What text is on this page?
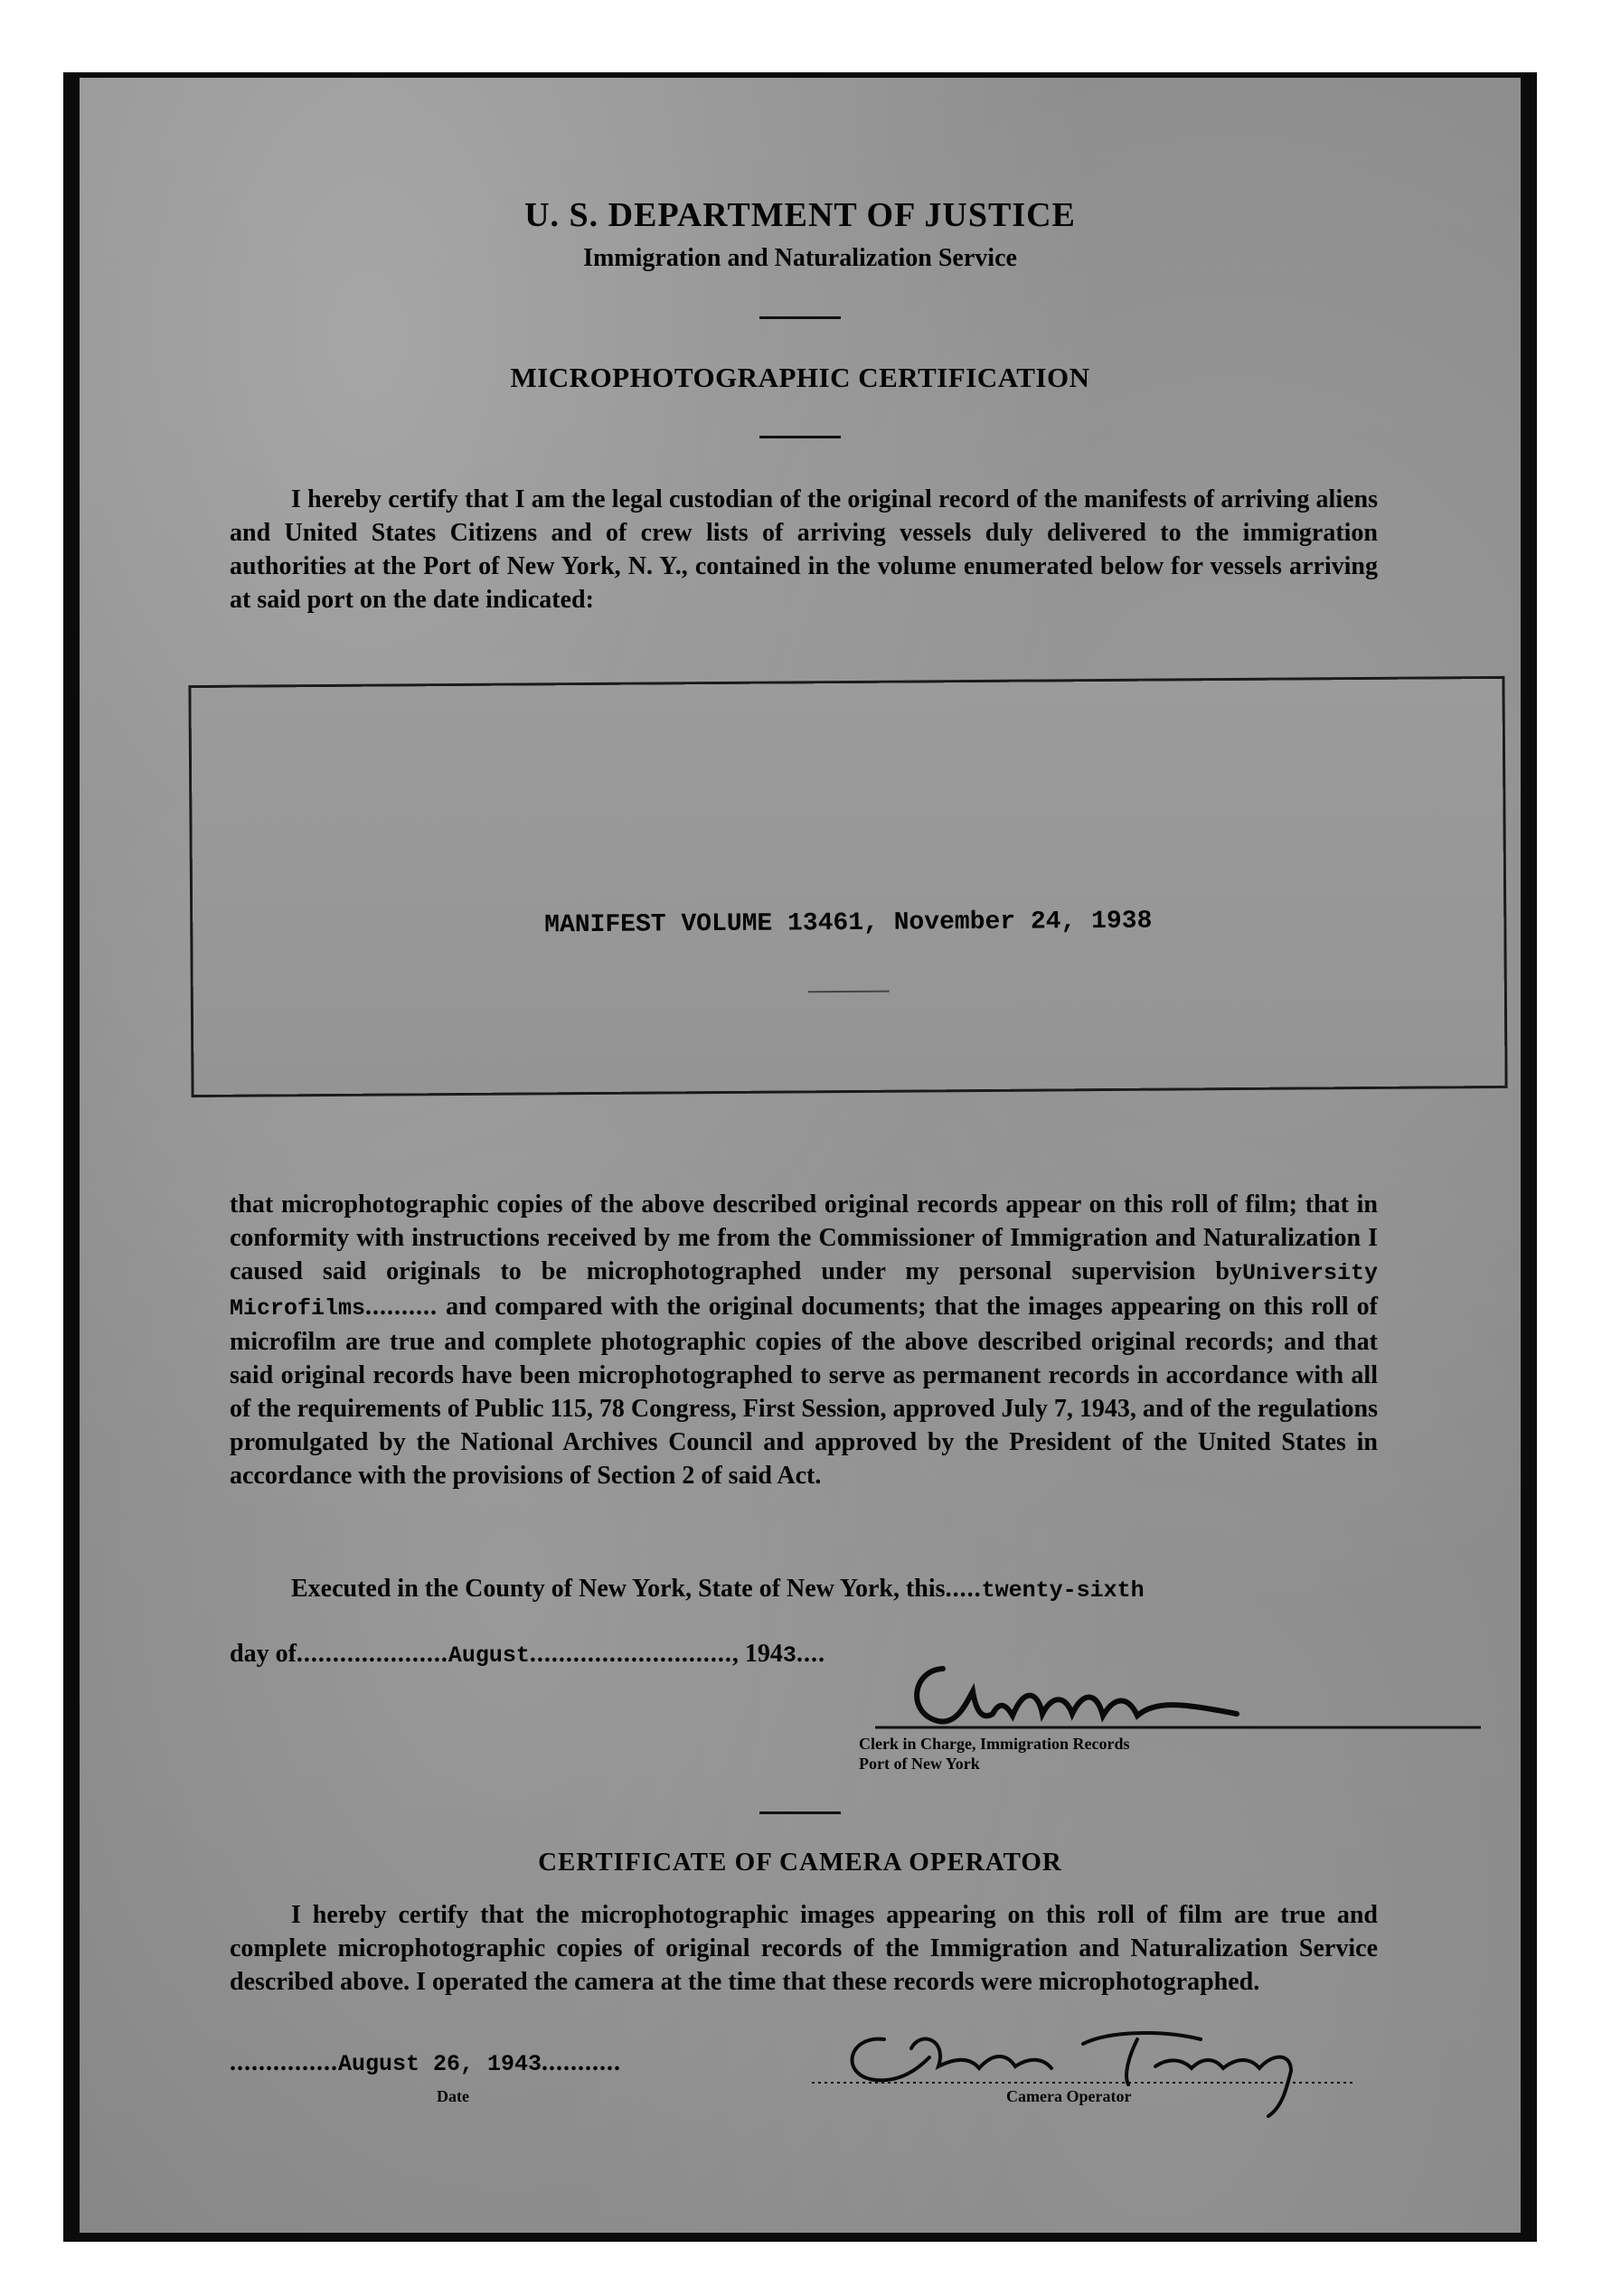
U. S. DEPARTMENT OF JUSTICE
Immigration and Naturalization Service
MICROPHOTOGRAPHIC CERTIFICATION
I hereby certify that I am the legal custodian of the original record of the manifests of arriving aliens and United States Citizens and of crew lists of arriving vessels duly delivered to the immigration authorities at the Port of New York, N. Y., contained in the volume enumerated below for vessels arriving at said port on the date indicated:
MANIFEST VOLUME 13461, November 24, 1938
that microphotographic copies of the above described original records appear on this roll of film; that in conformity with instructions received by me from the Commissioner of Immigration and Naturalization I caused said originals to be microphotographed under my personal supervision byUniversity Microfilms.......... and compared with the original documents; that the images appearing on this roll of microfilm are true and complete photographic copies of the above described original records; and that said original records have been microphotographed to serve as permanent records in accordance with all of the requirements of Public 115, 78 Congress, First Session, approved July 7, 1943, and of the regulations promulgated by the National Archives Council and approved by the President of the United States in accordance with the provisions of Section 2 of said Act.
Executed in the County of New York, State of New York, this.....twenty-sixth
day of.....................August............................, 1943....
Clerk in Charge, Immigration Records
Port of New York
CERTIFICATE OF CAMERA OPERATOR
I hereby certify that the microphotographic images appearing on this roll of film are true and complete microphotographic copies of original records of the Immigration and Naturalization Service described above. I operated the camera at the time that these records were microphotographed.
...............August 26, 1943...........
Date	Camera Operator
